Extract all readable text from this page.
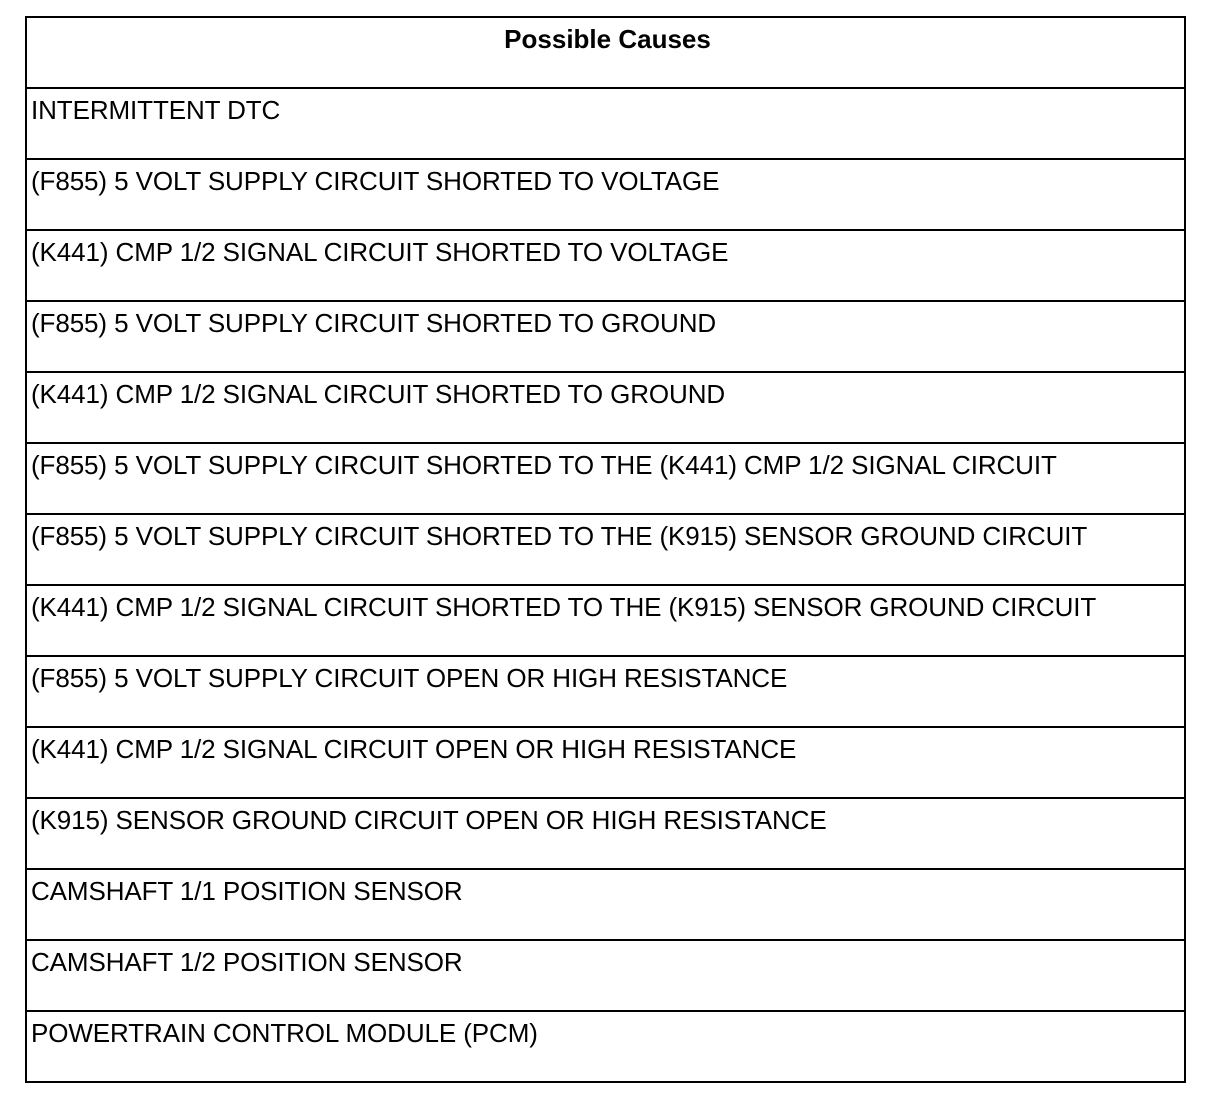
Possible Causes
INTERMITTENT DTC
(F855) 5 VOLT SUPPLY CIRCUIT SHORTED TO VOLTAGE
(K441) CMP 1/2 SIGNAL CIRCUIT SHORTED TO VOLTAGE
(F855) 5 VOLT SUPPLY CIRCUIT SHORTED TO GROUND
(K441) CMP 1/2 SIGNAL CIRCUIT SHORTED TO GROUND
(F855) 5 VOLT SUPPLY CIRCUIT SHORTED TO THE (K441) CMP 1/2 SIGNAL CIRCUIT
(F855) 5 VOLT SUPPLY CIRCUIT SHORTED TO THE (K915) SENSOR GROUND CIRCUIT
(K441) CMP 1/2 SIGNAL CIRCUIT SHORTED TO THE (K915) SENSOR GROUND CIRCUIT
(F855) 5 VOLT SUPPLY CIRCUIT OPEN OR HIGH RESISTANCE
(K441) CMP 1/2 SIGNAL CIRCUIT OPEN OR HIGH RESISTANCE
(K915) SENSOR GROUND CIRCUIT OPEN OR HIGH RESISTANCE
CAMSHAFT 1/1 POSITION SENSOR
CAMSHAFT 1/2 POSITION SENSOR
POWERTRAIN CONTROL MODULE (PCM)
